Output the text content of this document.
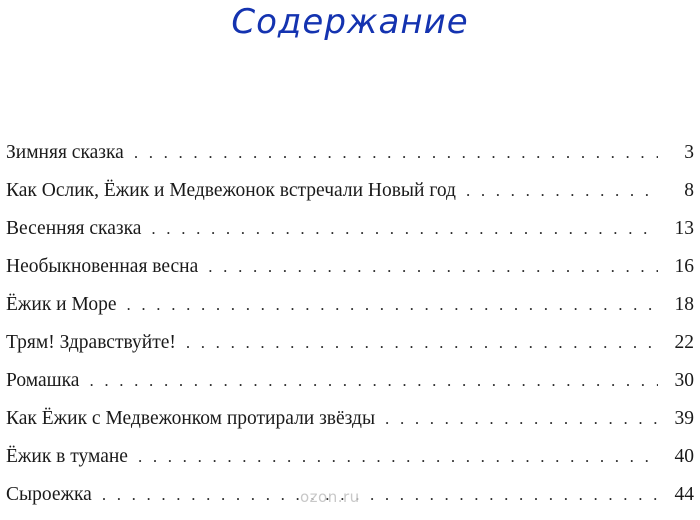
Содержание
Зимняя сказка . . .	3
Как Ослик, Ёжик и Медвежонок встречали Новый год . . .	8
Весенняя сказка . . .	13
Необыкновенная весна . . .	16
Ёжик и Море . . .	18
Трям! Здравствуйте! . . .	22
Ромашка . . .	30
Как Ёжик с Медвежонком протирали звёзды . . .	39
Ёжик в тумане . . .	40
Сыроежка . . .	44
ozon.ru
